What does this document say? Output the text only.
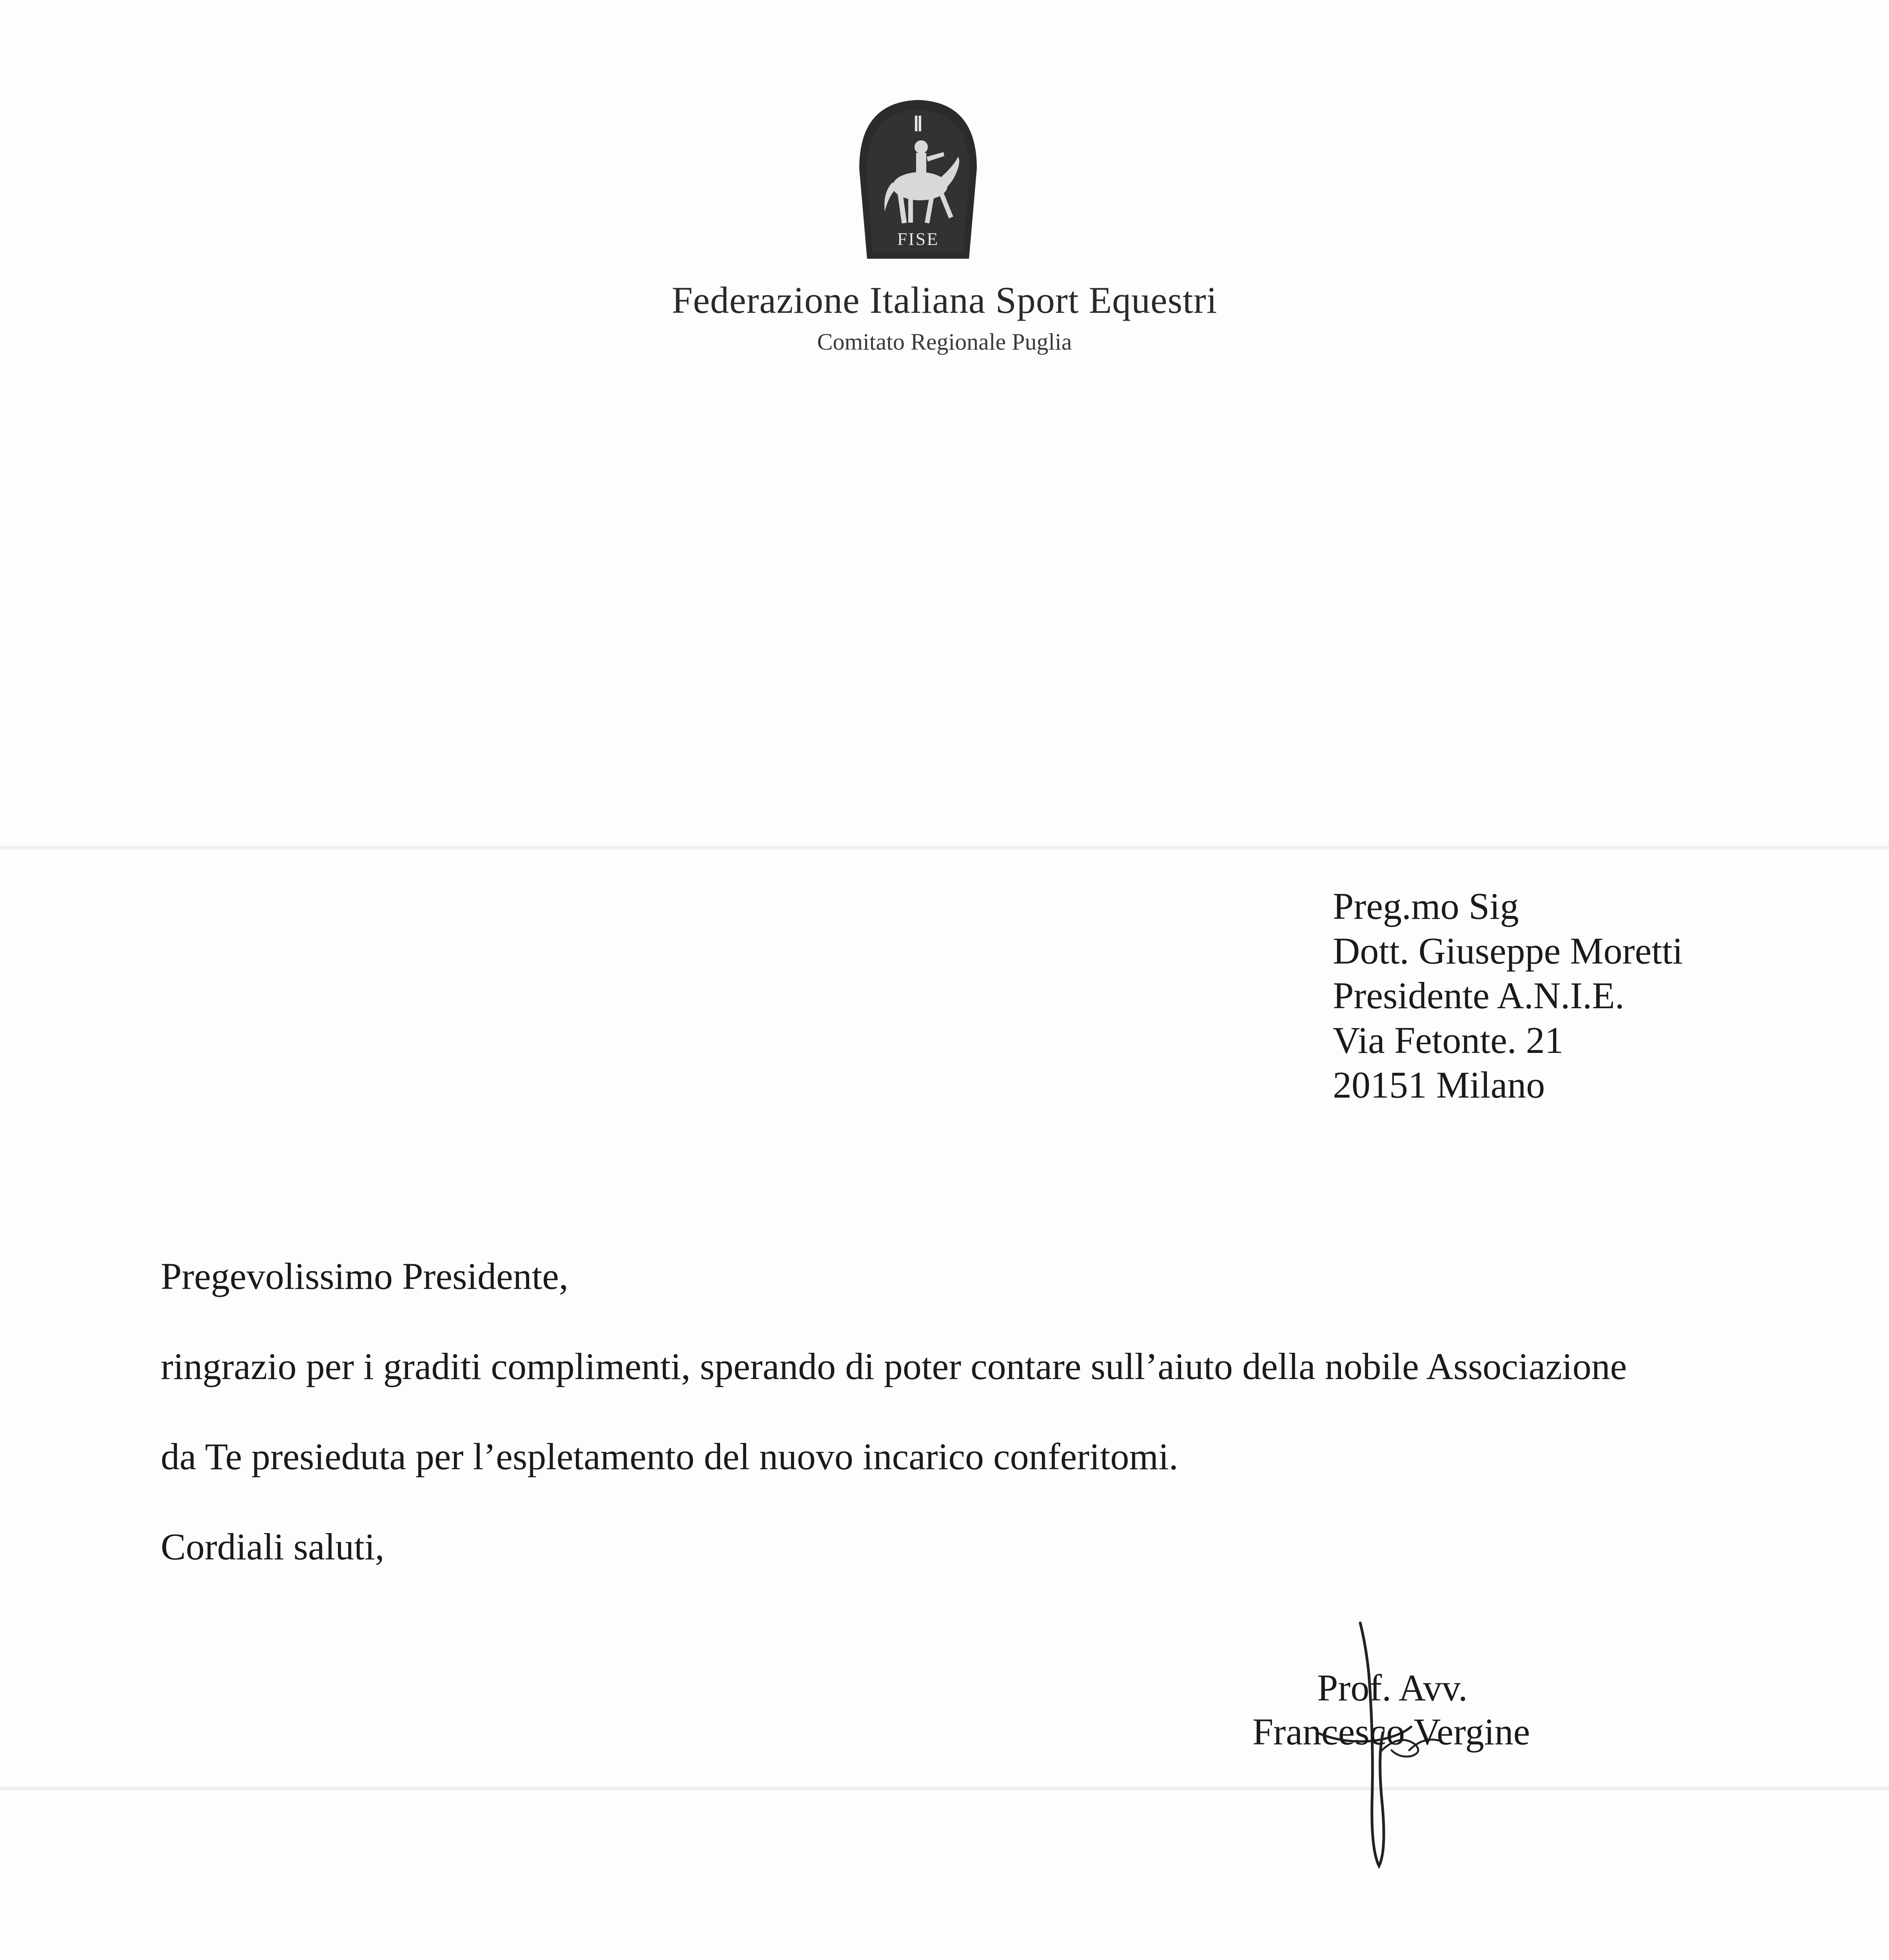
FISE
Federazione Italiana Sport Equestri
Comitato Regionale Puglia
Preg.mo Sig
Dott. Giuseppe Moretti
Presidente A.N.I.E.
Via Fetonte. 21
20151 Milano
Pregevolissimo Presidente,
ringrazio per i graditi complimenti, sperando di poter contare sull’aiuto della nobile Associazione
da Te presieduta per l’espletamento del nuovo incarico conferitomi.
Cordiali saluti,
Prof. Avv.
Francesco Vergine
